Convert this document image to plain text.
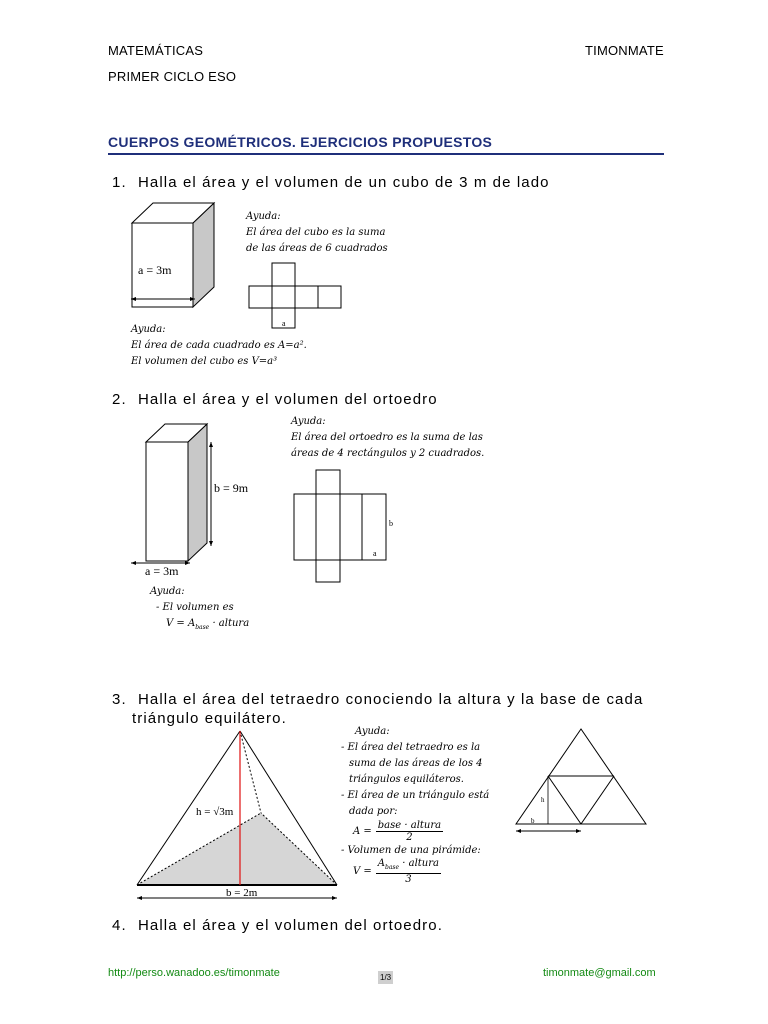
MATEMÁTICAS
PRIMER CICLO ESO
TIMONMATE
CUERPOS GEOMÉTRICOS. EJERCICIOS PROPUESTOS
1. Halla el área y el volumen de un cubo de 3 m de lado
a = 3m
a
Ayuda:
El área del cubo es la suma
de las áreas de 6 cuadrados
Ayuda:
El área de cada cuadrado es A=a².
El volumen del cubo es V=a³
2. Halla el área y el volumen del ortoedro
b = 9m
a = 3m
b
a
Ayuda:
El área del ortoedro es la suma de las
áreas de 4 rectángulos y 2 cuadrados.
Ayuda:
- El volumen es
$V = A_{base}$ · altura
3. Halla el área del tetraedro conociendo la altura y la base de cada
triángulo equilátero.
h = √3m
b = 2m
h
b
Ayuda:
- El área del tetraedro es la
suma de las áreas de los 4
triángulos equiláteros.
- El área de un triángulo está
dada por:
A = base · altura
2
- Volumen de una pirámide:
V =
$A_{base}$ · altura
3
4. Halla el área y el volumen del ortoedro.
http://perso.wanadoo.es/timonmate	1/3	timonmate@gmail.com
